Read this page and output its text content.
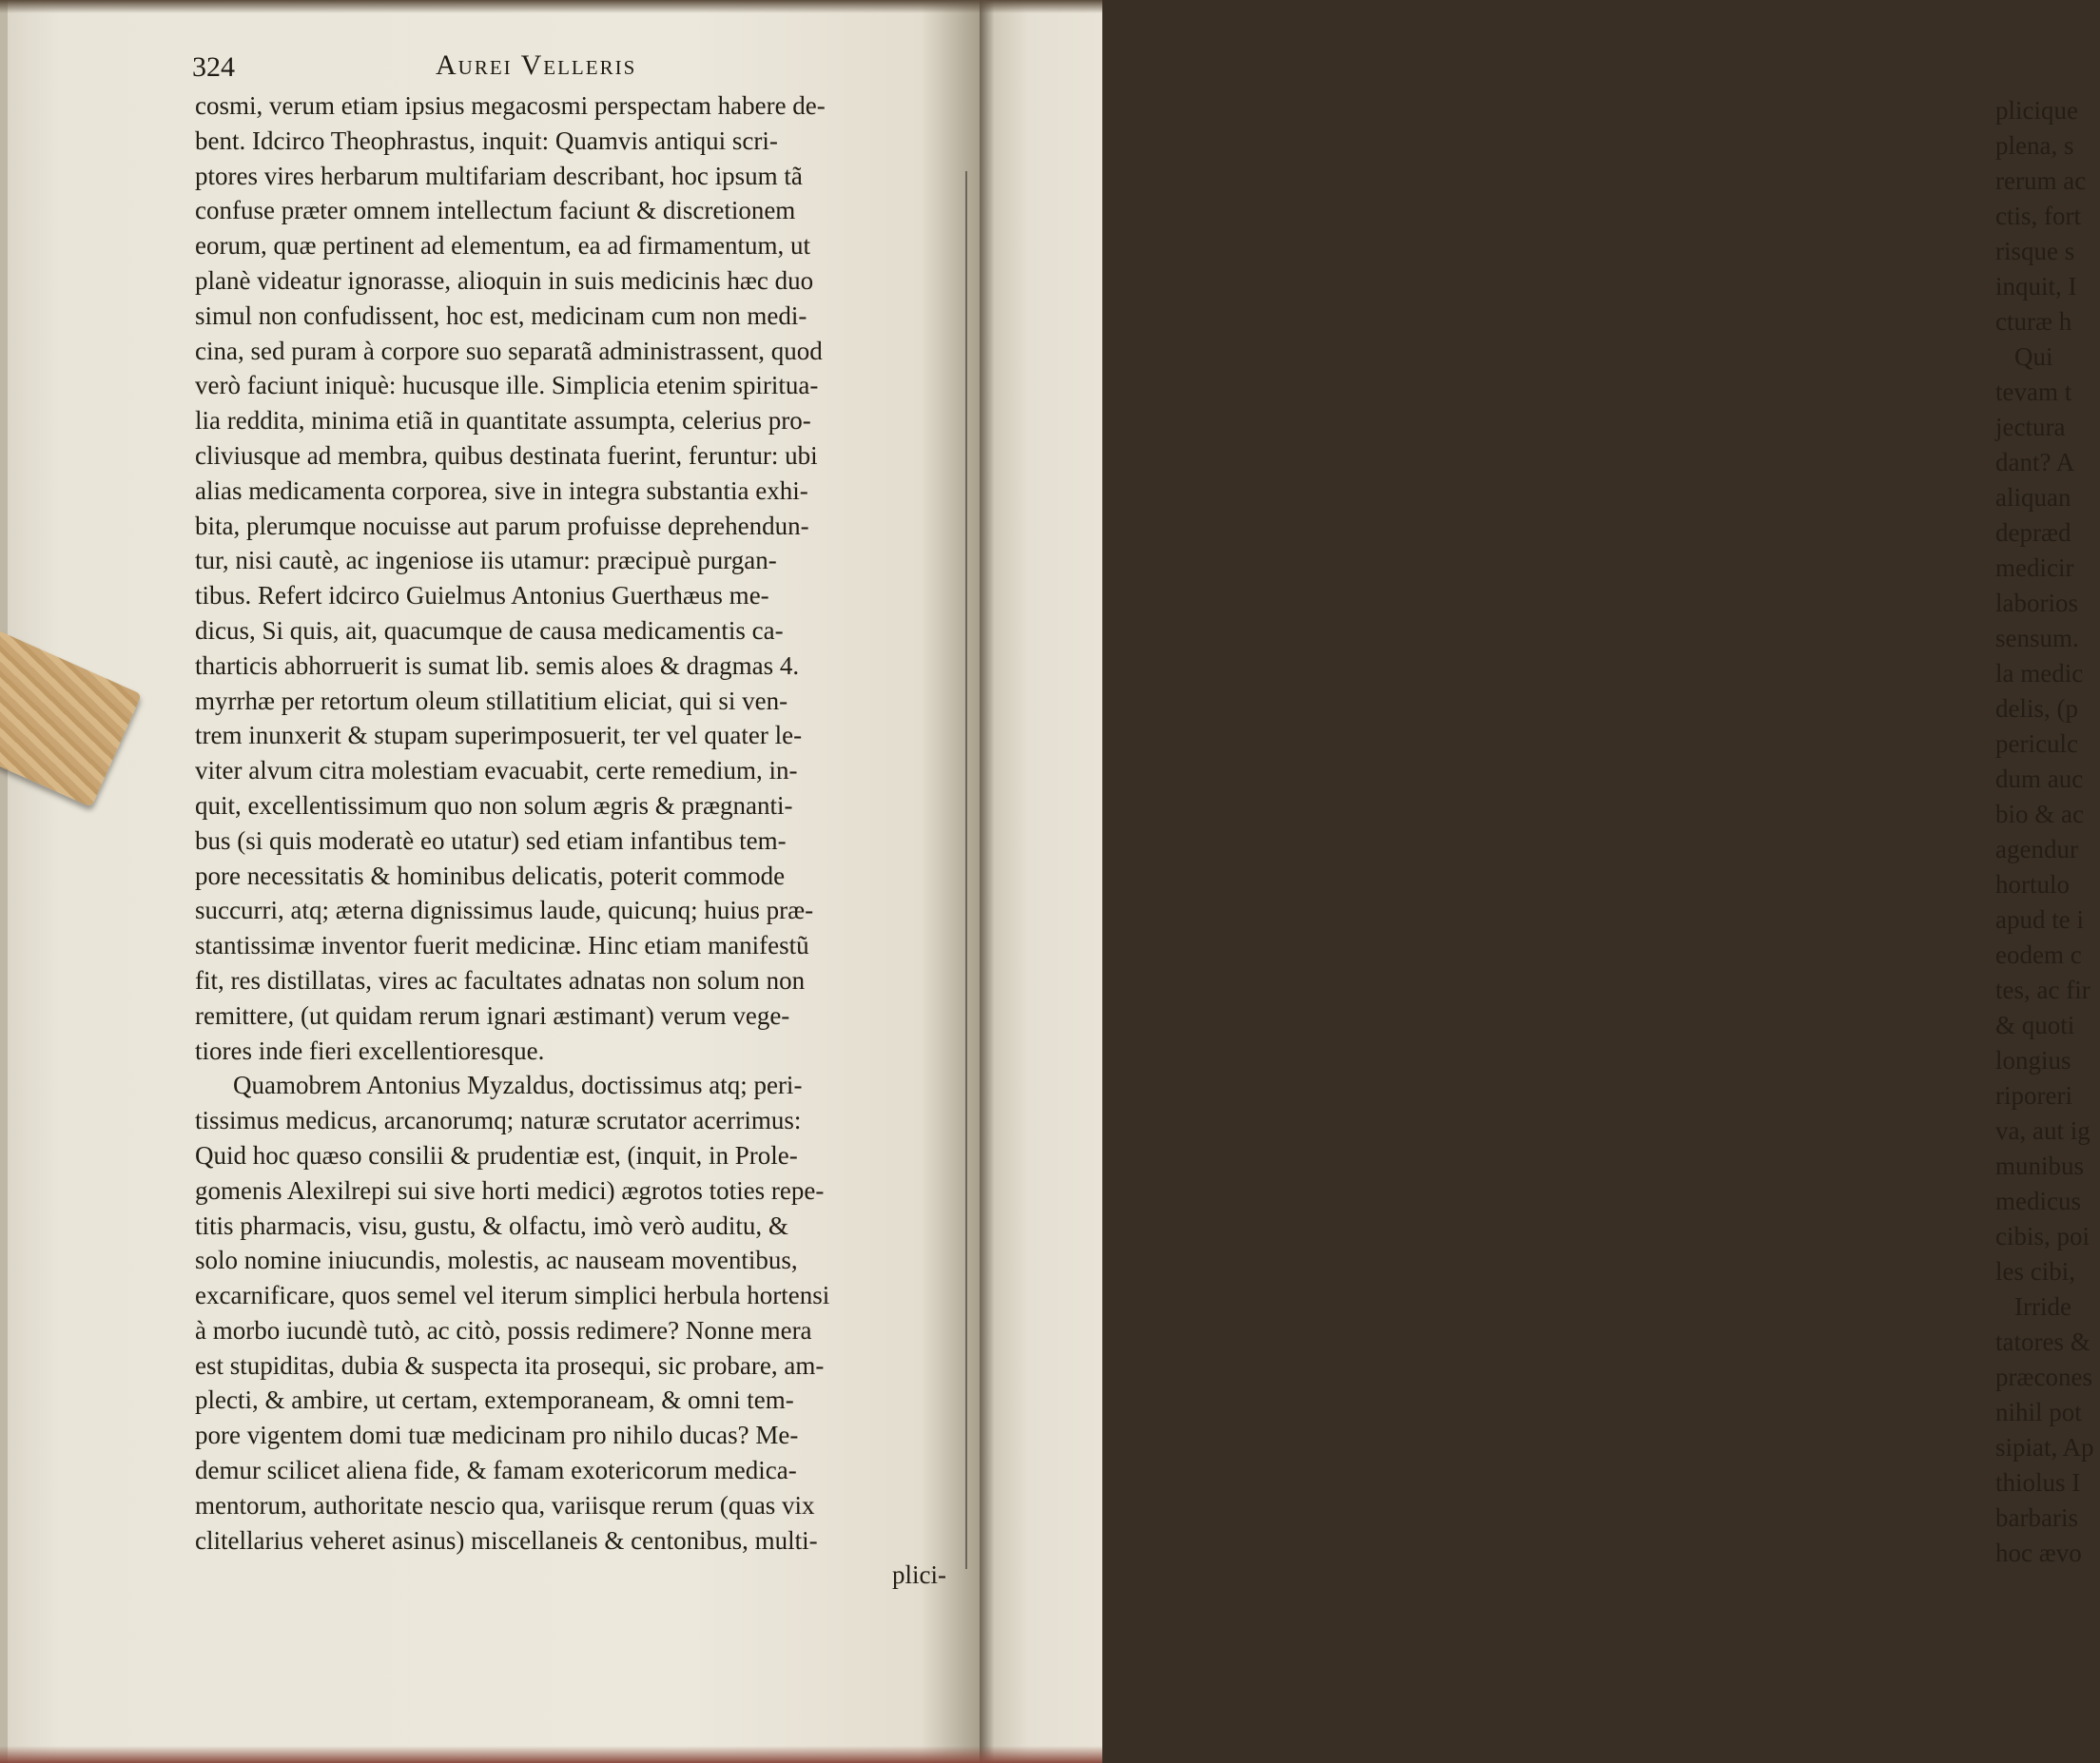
324	Aurei Velleris
cosmi, verum etiam ipsius megacosmi perspectam habere de-
bent. Idcirco Theophrastus, inquit: Quamvis antiqui scri-
ptores vires herbarum multifariam describant, hoc ipsum tã
confuse præter omnem intellectum faciunt & discretionem
eorum, quæ pertinent ad elementum, ea ad firmamentum, ut
planè videatur ignorasse, alioquin in suis medicinis hæc duo
simul non confudissent, hoc est, medicinam cum non medi-
cina, sed puram à corpore suo separatã administrassent, quod
verò faciunt iniquè: hucusque ille. Simplicia etenim spiritua-
lia reddita, minima etiã in quantitate assumpta, celerius pro-
cliviusque ad membra, quibus destinata fuerint, feruntur: ubi
alias medicamenta corporea, sive in integra substantia exhi-
bita, plerumque nocuisse aut parum profuisse deprehendun-
tur, nisi cautè, ac ingeniose iis utamur: præcipuè purgan-
tibus. Refert idcirco Guielmus Antonius Guerthæus me-
dicus, Si quis, ait, quacumque de causa medicamentis ca-
tharticis abhorruerit is sumat lib. semis aloes & dragmas 4.
myrrhæ per retortum oleum stillatitium eliciat, qui si ven-
trem inunxerit & stupam superimposuerit, ter vel quater le-
viter alvum citra molestiam evacuabit, certe remedium, in-
quit, excellentissimum quo non solum ægris & prægnanti-
bus (si quis moderatè eo utatur) sed etiam infantibus tem-
pore necessitatis & hominibus delicatis, poterit commode
succurri, atq; æterna dignissimus laude, quicunq; huius præ-
stantissimæ inventor fuerit medicinæ. Hinc etiam manifestũ
fit, res distillatas, vires ac facultates adnatas non solum non
remittere, (ut quidam rerum ignari æstimant) verum vege-
tiores inde fieri excellentioresque.
Quamobrem Antonius Myzaldus, doctissimus atq; peri-
tissimus medicus, arcanorumq; naturæ scrutator acerrimus:
Quid hoc quæso consilii & prudentiæ est, (inquit, in Prole-
gomenis Alexilrepi sui sive horti medici) ægrotos toties repe-
titis pharmacis, visu, gustu, & olfactu, imò verò auditu, &
solo nomine iniucundis, molestis, ac nauseam moventibus,
excarnificare, quos semel vel iterum simplici herbula hortensi
à morbo iucundè tutò, ac citò, possis redimere? Nonne mera
est stupiditas, dubia & suspecta ita prosequi, sic probare, am-
plecti, & ambire, ut certam, extemporaneam, & omni tem-
pore vigentem domi tuæ medicinam pro nihilo ducas? Me-
demur scilicet aliena fide, & famam exotericorum medica-
mentorum, authoritate nescio qua, variisque rerum (quas vix
clitellarius veheret asinus) miscellaneis & centonibus, multi-
plici-
plicique
plena, s
rerum ac
ctis, fort
risque s
inquit, I
cturæ h
Qui
tevam t
jectura
dant? A
aliquan
depræd
medicir
laborios
sensum.
la medic
delis, (p
periculc
dum auc
bio & ac
agendur
hortulo
apud te i
eodem c
tes, ac fir
& quoti
longius
riporeri
va, aut ig
munibus
medicus
cibis, poi
les cibi,
Irride
tatores &
præcones
nihil pot
sipiat, Ap
thiolus I
barbaris
hoc ævo
